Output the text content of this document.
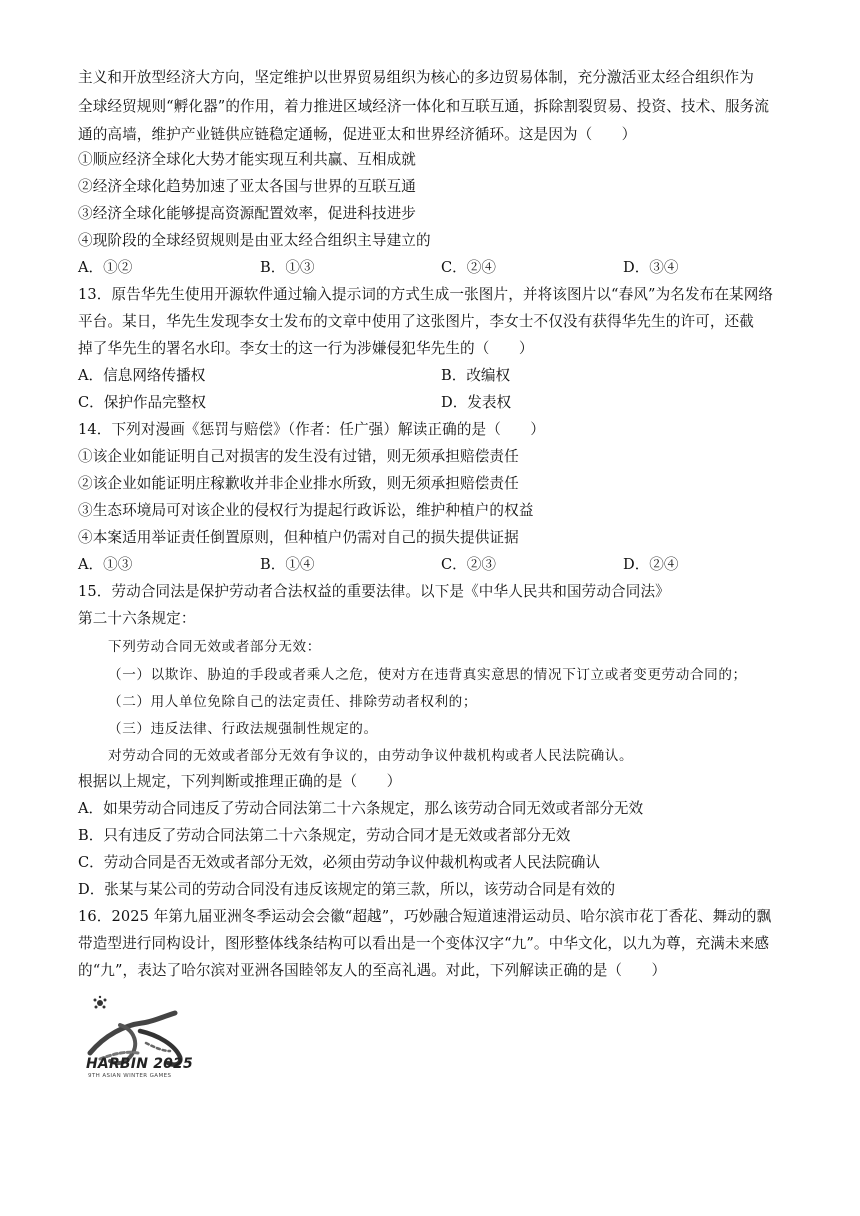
主义和开放型经济大方向，坚定维护以世界贸易组织为核心的多边贸易体制，充分激活亚太经合组织作为
全球经贸规则“孵化器”的作用，着力推进区域经济一体化和互联互通，拆除割裂贸易、投资、技术、服务流
通的高墙，维护产业链供应链稳定通畅，促进亚太和世界经济循环。这是因为（　　）
①顺应经济全球化大势才能实现互利共赢、互相成就
②经济全球化趋势加速了亚太各国与世界的互联互通
③经济全球化能够提高资源配置效率，促进科技进步
④现阶段的全球经贸规则是由亚太经合组织主导建立的
A．①②	B．①③	C．②④	D．③④
13．原告华先生使用开源软件通过输入提示词的方式生成一张图片，并将该图片以“春风”为名发布在某网络
平台。某日，华先生发现李女士发布的文章中使用了这张图片，李女士不仅没有获得华先生的许可，还截
掉了华先生的署名水印。李女士的这一行为涉嫌侵犯华先生的（　　）
A．信息网络传播权	B．改编权
C．保护作品完整权	D．发表权
14．下列对漫画《惩罚与赔偿》（作者：任广强）解读正确的是（　　）
①该企业如能证明自己对损害的发生没有过错，则无须承担赔偿责任
②该企业如能证明庄稼歉收并非企业排水所致，则无须承担赔偿责任
③生态环境局可对该企业的侵权行为提起行政诉讼，维护种植户的权益
④本案适用举证责任倒置原则，但种植户仍需对自己的损失提供证据
A．①③	B．①④	C．②③	D．②④
15．劳动合同法是保护劳动者合法权益的重要法律。以下是《中华人民共和国劳动合同法》
第二十六条规定：
下列劳动合同无效或者部分无效：
（一）以欺诈、胁迫的手段或者乘人之危，使对方在违背真实意思的情况下订立或者变更劳动合同的；
（二）用人单位免除自己的法定责任、排除劳动者权利的；
（三）违反法律、行政法规强制性规定的。
对劳动合同的无效或者部分无效有争议的，由劳动争议仲裁机构或者人民法院确认。
根据以上规定，下列判断或推理正确的是（　　）
A．如果劳动合同违反了劳动合同法第二十六条规定，那么该劳动合同无效或者部分无效
B．只有违反了劳动合同法第二十六条规定，劳动合同才是无效或者部分无效
C．劳动合同是否无效或者部分无效，必须由劳动争议仲裁机构或者人民法院确认
D．张某与某公司的劳动合同没有违反该规定的第三款，所以，该劳动合同是有效的
16．2025 年第九届亚洲冬季运动会会徽“超越”，巧妙融合短道速滑运动员、哈尔滨市花丁香花、舞动的飘
带造型进行同构设计，图形整体线条结构可以看出是一个变体汉字“九”。中华文化，以九为尊，充满未来感
的“九”，表达了哈尔滨对亚洲各国睦邻友人的至高礼遇。对此，下列解读正确的是（　　）
HARBIN 2025
9TH ASIAN WINTER GAMES
